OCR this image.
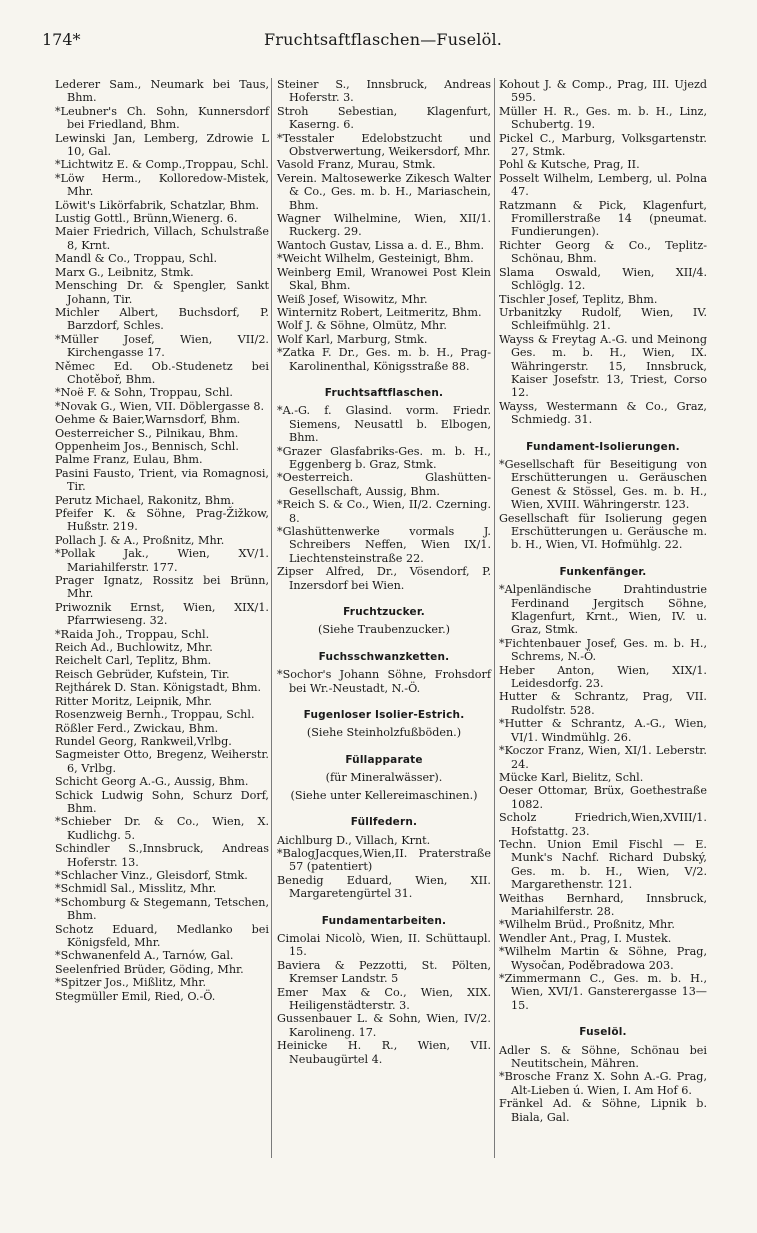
174*	Fruchtsaftflaschen—Fuselöl.

Lederer Sam., Neumark bei Taus, Bhm.

*Leubner's Ch. Sohn, Kunnersdorf bei Friedland, Bhm.

Lewinski Jan, Lemberg, Zdrowie L 10, Gal.

*Lichtwitz E. & Comp.,Troppau, Schl.

*Löw Herm., Kolloredow-Mistek, Mhr.

Löwit's Likörfabrik, Schatzlar, Bhm.

Lustig Gottl., Brünn,Wienerg. 6.

Maier Friedrich, Villach, Schulstraße 8, Krnt.

Mandl & Co., Troppau, Schl.

Marx G., Leibnitz, Stmk.

Mensching Dr. & Spengler, Sankt Johann, Tir.

Michler Albert, Buchsdorf, P. Barzdorf, Schles.

*Müller Josef, Wien, VII/2. Kirchengasse 17.

Němec Ed. Ob.-Studenetz bei Chotěboř, Bhm.

*Noë F. & Sohn, Troppau, Schl.

*Novak G., Wien, VII. Döblergasse 8.

Oehme & Baier,Warnsdorf, Bhm.

Oesterreicher S., Pilnikau, Bhm.

Oppenheim Jos., Bennisch, Schl.

Palme Franz, Eulau, Bhm.

Pasini Fausto, Trient, via Romagnosi, Tir.

Perutz Michael, Rakonitz, Bhm.

Pfeifer K. & Söhne, Prag-Žižkow, Hußstr. 219.

Pollach J. & A., Proßnitz, Mhr.

*Pollak Jak., Wien, XV/1. Mariahilferstr. 177.

Prager Ignatz, Rossitz bei Brünn, Mhr.

Priwoznik Ernst, Wien, XIX/1. Pfarrwieseng. 32.

*Raida Joh., Troppau, Schl.

Reich Ad., Buchlowitz, Mhr.

Reichelt Carl, Teplitz, Bhm.

Reisch Gebrüder, Kufstein, Tir.

Rejthárek D. Stan. Königstadt, Bhm.

Ritter Moritz, Leipnik, Mhr.

Rosenzweig Bernh., Troppau, Schl.

Rößler Ferd., Zwickau, Bhm.

Rundel Georg, Rankweil,Vrlbg.

Sagmeister Otto, Bregenz, Weiherstr. 6, Vrlbg.

Schicht Georg A.-G., Aussig, Bhm.

Schick Ludwig Sohn, Schurz Dorf, Bhm.

*Schieber Dr. & Co., Wien, X. Kudlichg. 5.

Schindler S.,Innsbruck, Andreas Hoferstr. 13.

*Schlacher Vinz., Gleisdorf, Stmk.

*Schmidl Sal., Misslitz, Mhr.

*Schomburg & Stegemann, Tetschen, Bhm.

Schotz Eduard, Medlanko bei Königsfeld, Mhr.

*Schwanenfeld A., Tarnów, Gal.

Seelenfried Brüder, Göding, Mhr.

*Spitzer Jos., Mißlitz, Mhr.

Stegmüller Emil, Ried, O.-Ö.

Steiner S., Innsbruck, Andreas Hoferstr. 3.

Stroh Sebestian, Klagenfurt, Kaserng. 6.

*Tesstaler Edelobstzucht und Obstverwertung, Weikersdorf, Mhr.

Vasold Franz, Murau, Stmk.

Verein. Maltosewerke Zikesch Walter & Co., Ges. m. b. H., Mariaschein, Bhm.

Wagner Wilhelmine, Wien, XII/1. Ruckerg. 29.

Wantoch Gustav, Lissa a. d. E., Bhm.

*Weicht Wilhelm, Gesteinigt, Bhm.

Weinberg Emil, Wranowei Post Klein Skal, Bhm.

Weiß Josef, Wisowitz, Mhr.

Winternitz Robert, Leitmeritz, Bhm.

Wolf J. & Söhne, Olmütz, Mhr.

Wolf Karl, Marburg, Stmk.

*Zatka F. Dr., Ges. m. b. H., Prag-Karolinenthal, Königsstraße 88.

Fruchtsaftflaschen.

*A.-G. f. Glasind. vorm. Friedr. Siemens, Neusattl b. Elbogen, Bhm.

*Grazer Glasfabriks-Ges. m. b. H., Eggenberg b. Graz, Stmk.

*Oesterreich. Glashütten-Gesellschaft, Aussig, Bhm.

*Reich S. & Co., Wien, II/2. Czerning. 8.

*Glashüttenwerke vormals J. Schreibers Neffen, Wien IX/1. Liechtensteinstraße 22.

Zipser Alfred, Dr., Vösendorf, P. Inzersdorf bei Wien.

Fruchtzucker.

(Siehe Traubenzucker.)

Fuchsschwanzketten.

*Sochor's Johann Söhne, Frohsdorf bei Wr.-Neustadt, N.-Ö.

Fugenloser Isolier-Estrich.

(Siehe Steinholzfußböden.)

Füllapparate

(für Mineralwässer).

(Siehe unter Kellereimaschinen.)

Füllfedern.

Aichlburg D., Villach, Krnt.

*BalogJacques,Wien,II. Praterstraße 57 (patentiert)

Benedig Eduard, Wien, XII. Margaretengürtel 31.

Fundamentarbeiten.

Cimolai Nicolò, Wien, II. Schüttaupl. 15.

Baviera & Pezzotti, St. Pölten, Kremser Landstr. 5

Emer Max & Co., Wien, XIX. Heiligenstädterstr. 3.

Gussenbauer L. & Sohn, Wien, IV/2. Karolineng. 17.

Heinicke H. R., Wien, VII. Neubaugürtel 4.

Kohout J. & Comp., Prag, III. Ujezd 595.

Müller H. R., Ges. m. b. H., Linz, Schubertg. 19.

Pickel C., Marburg, Volksgartenstr. 27, Stmk.

Pohl & Kutsche, Prag, II.

Posselt Wilhelm, Lemberg, ul. Polna 47.

Ratzmann & Pick, Klagenfurt, Fromillerstraße 14 (pneumat. Fundierungen).

Richter Georg & Co., Teplitz-Schönau, Bhm.

Slama Oswald, Wien, XII/4. Schlöglg. 12.

Tischler Josef, Teplitz, Bhm.

Urbanitzky Rudolf, Wien, IV. Schleifmühlg. 21.

Wayss & Freytag A.-G. und Meinong Ges. m. b. H., Wien, IX. Währingerstr. 15, Innsbruck, Kaiser Josefstr. 13, Triest, Corso 12.

Wayss, Westermann & Co., Graz, Schmiedg. 31.

Fundament-Isolierungen.

*Gesellschaft für Beseitigung von Erschütterungen u. Geräuschen Genest & Stössel, Ges. m. b. H., Wien, XVIII. Währingerstr. 123.

Gesellschaft für Isolierung gegen Erschütterungen u. Geräusche m. b. H., Wien, VI. Hofmühlg. 22.

Funkenfänger.

*Alpenländische Drahtindustrie Ferdinand Jergitsch Söhne, Klagenfurt, Krnt., Wien, IV. u. Graz, Stmk.

*Fichtenbauer Josef, Ges. m. b. H., Schrems, N.-Ö.

Heber Anton, Wien, XIX/1. Leidesdorfg. 23.

Hutter & Schrantz, Prag, VII. Rudolfstr. 528.

*Hutter & Schrantz, A.-G., Wien, VI/1. Windmühlg. 26.

*Koczor Franz, Wien, XI/1. Leberstr. 24.

Mücke Karl, Bielitz, Schl.

Oeser Ottomar, Brüx, Goethestraße 1082.

Scholz Friedrich,Wien,XVIII/1. Hofstattg. 23.

Techn. Union Emil Fischl — E. Munk's Nachf. Richard Dubský, Ges. m. b. H., Wien, V/2. Margarethenstr. 121.

Weithas Bernhard, Innsbruck, Mariahilferstr. 28.

*Wilhelm Brüd., Proßnitz, Mhr.

Wendler Ant., Prag, I. Mustek.

*Wilhelm Martin & Söhne, Prag, Wysočan, Poděbradowa 203.

*Zimmermann C., Ges. m. b. H., Wien, XVI/1. Gansterergasse 13—15.

Fuselöl.

Adler S. & Söhne, Schönau bei Neutitschein, Mähren.

*Brosche Franz X. Sohn A.-G. Prag, Alt-Lieben ú. Wien, I. Am Hof 6.

Fränkel Ad. & Söhne, Lipnik b. Biala, Gal.
